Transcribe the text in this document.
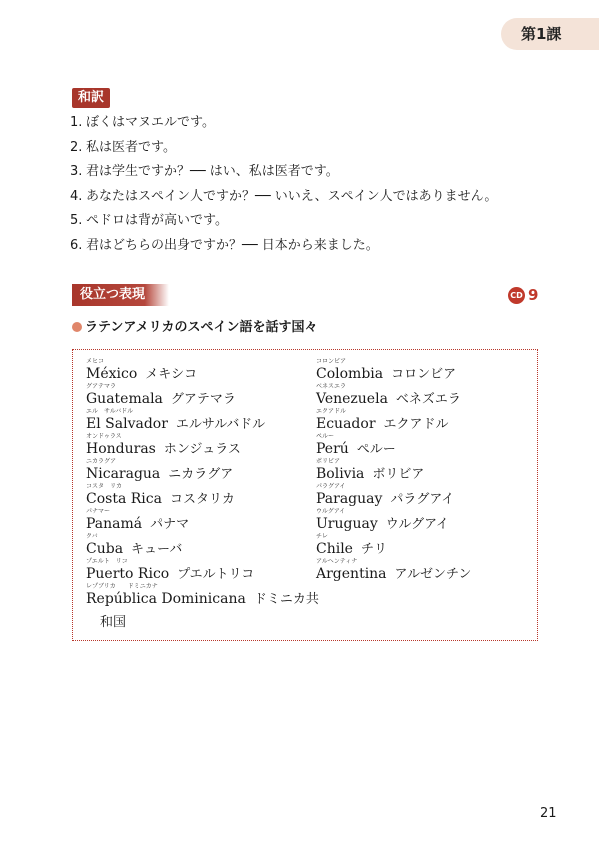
第1課
和訳
1. ぼくはマヌエルです。
2. 私は医者です。
3. 君は学生ですか？── はい、私は医者です。
4. あなたはスペイン人ですか？── いいえ、スペイン人ではありません。
5. ペドロは背が高いです。
6. 君はどちらの出身ですか？── 日本から来ました。
役立つ表現	CD 9
ラテンアメリカのスペイン語を話す国々
メヒコ
México メキシコ
グアテマラ
Guatemala グアテマラ
エル　サルバドル
El Salvador エルサルバドル
オンドゥラス
Honduras ホンジュラス
ニカラグア
Nicaragua ニカラグア
コスタ　リカ
Costa Rica コスタリカ
パナマー
Panamá パナマ
クバ
Cuba キューバ
プエルト　リコ
Puerto Rico プエルトリコ
レプブリカ　　ドミニカナ
República Dominicana ドミニカ共
和国
コロンビア
Colombia コロンビア
ベネスエラ
Venezuela ベネズエラ
エクアドル
Ecuador エクアドル
ペルー
Perú ペルー
ボリビア
Bolivia ボリビア
パラグアイ
Paraguay パラグアイ
ウルグアイ
Uruguay ウルグアイ
チレ
Chile チリ
アルヘンティナ
Argentina アルゼンチン
21
